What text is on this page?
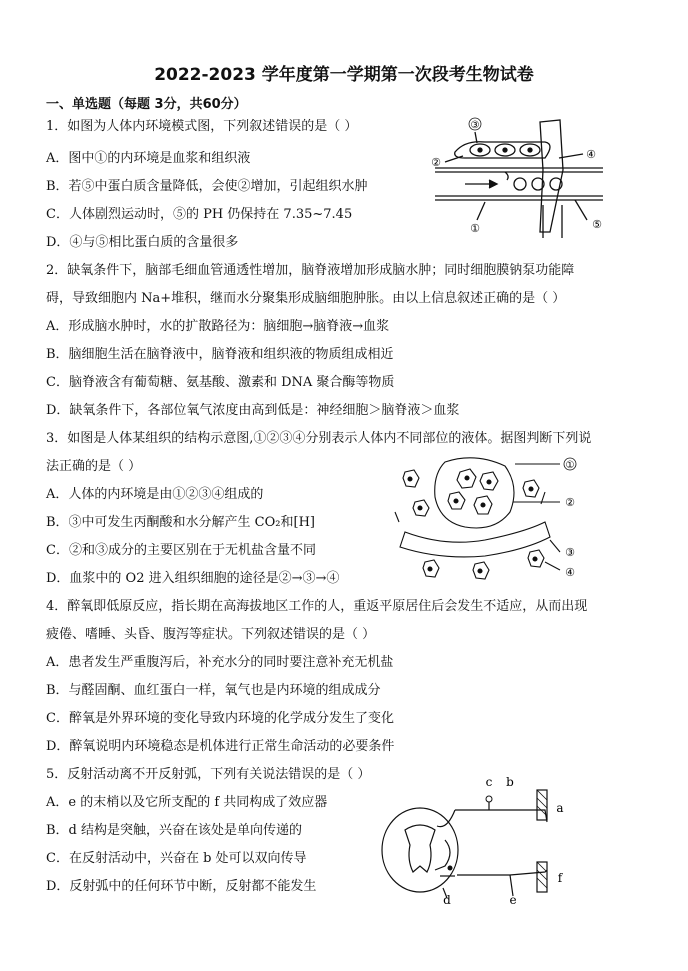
2022-2023 学年度第一学期第一次段考生物试卷
一、单选题（每题 3分，共60分）
1．如图为人体内环境模式图，下列叙述错误的是（ ）
A．图中①的内环境是血浆和组织液
B．若⑤中蛋白质含量降低，会使②增加，引起组织水肿
C．人体剧烈运动时，⑤的 PH 仍保持在 7.35~7.45
D．④与⑤相比蛋白质的含量很多
③
②
④
①	⑤
2．缺氧条件下，脑部毛细血管通透性增加，脑脊液增加形成脑水肿；同时细胞膜钠泵功能障
碍，导致细胞内 Na+堆积，继而水分聚集形成脑细胞肿胀。由以上信息叙述正确的是（ ）
A．形成脑水肿时，水的扩散路径为：脑细胞→脑脊液→血浆
B．脑细胞生活在脑脊液中，脑脊液和组织液的物质组成相近
C．脑脊液含有葡萄糖、氨基酸、激素和 DNA 聚合酶等物质
D．缺氧条件下，各部位氧气浓度由高到低是：神经细胞＞脑脊液＞血浆
3．如图是人体某组织的结构示意图,①②③④分别表示人体内不同部位的液体。据图判断下列说
法正确的是（ ）
A．人体的内环境是由①②③④组成的
B．③中可发生丙酮酸和水分解产生 CO₂和[H]
C．②和③成分的主要区别在于无机盐含量不同
D．血浆中的 O2 进入组织细胞的途径是②→③→④
①
②
③
④
4．醉氧即低原反应，指长期在高海拔地区工作的人，重返平原居住后会发生不适应，从而出现
疲倦、嗜睡、头昏、腹泻等症状。下列叙述错误的是（ ）
A．患者发生严重腹泻后，补充水分的同时要注意补充无机盐
B．与醛固酮、血红蛋白一样，氧气也是内环境的组成成分
C．醉氧是外界环境的变化导致内环境的化学成分发生了变化
D．醉氧说明内环境稳态是机体进行正常生命活动的必要条件
5．反射活动离不开反射弧，下列有关说法错误的是（ ）
A．e 的末梢以及它所支配的 f 共同构成了效应器
B．d 结构是突触，兴奋在该处是单向传递的
C．在反射活动中，兴奋在 b 处可以双向传导
D．反射弧中的任何环节中断，反射都不能发生
c b
a
d	e
f
